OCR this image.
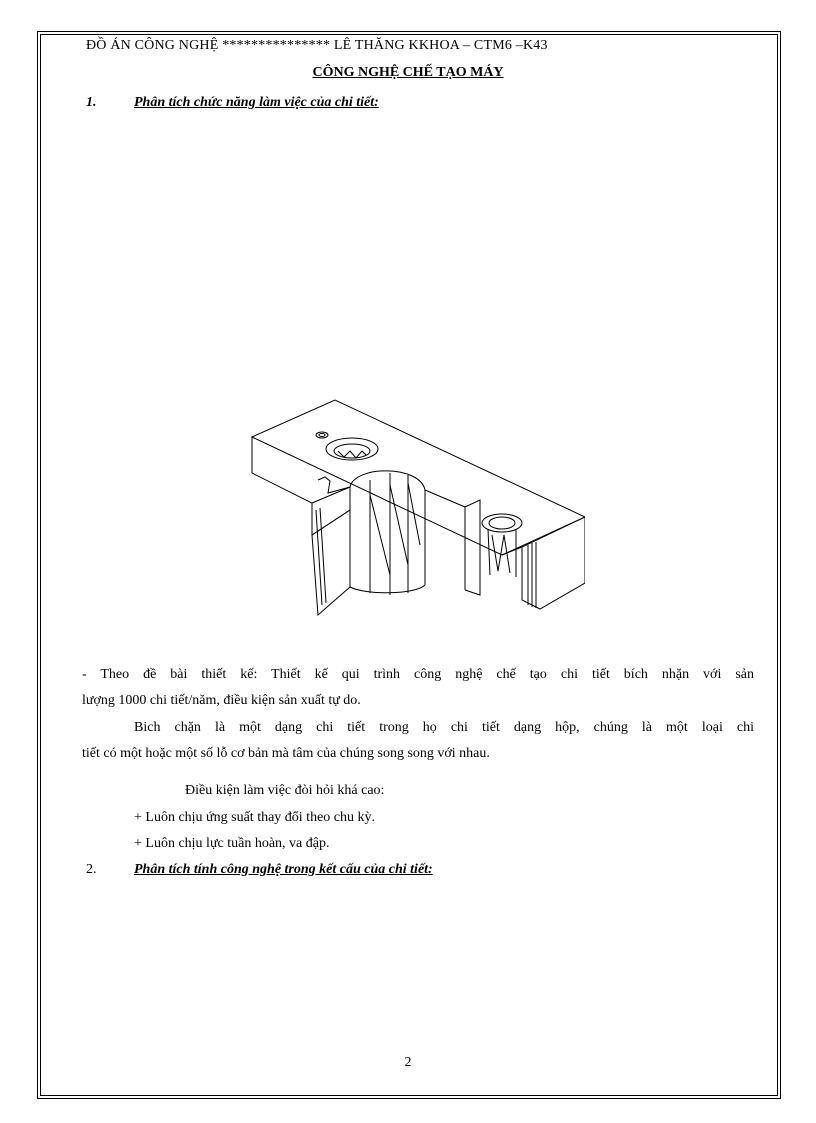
ĐỒ ÁN CÔNG NGHỆ *************** LÊ THĂNG KKHOA – CTM6 –K43
CÔNG NGHỆ CHẾ TẠO MÁY
1.	Phân tích chức năng làm việc của chi tiết:
- Theo đề bài thiết kế: Thiết kế qui trình công nghệ chế tạo chi tiết bích nhặn với sản
lượng 1000 chi tiết/năm, điều kiện sản xuất tự do.
Bich chặn là một dạng chi tiết trong họ chi tiết dạng hộp, chúng là một loại chi
tiết có một hoặc một số lỗ cơ bản mà tâm của chúng song song với nhau.
Điều kiện làm việc đòi hỏi khá cao:
+ Luôn chịu ứng suất thay đổi theo chu kỳ.
+ Luôn chịu lực tuần hoàn, va đập.
2.	Phân tích tính công nghệ trong kết cấu của chi tiết:
2
